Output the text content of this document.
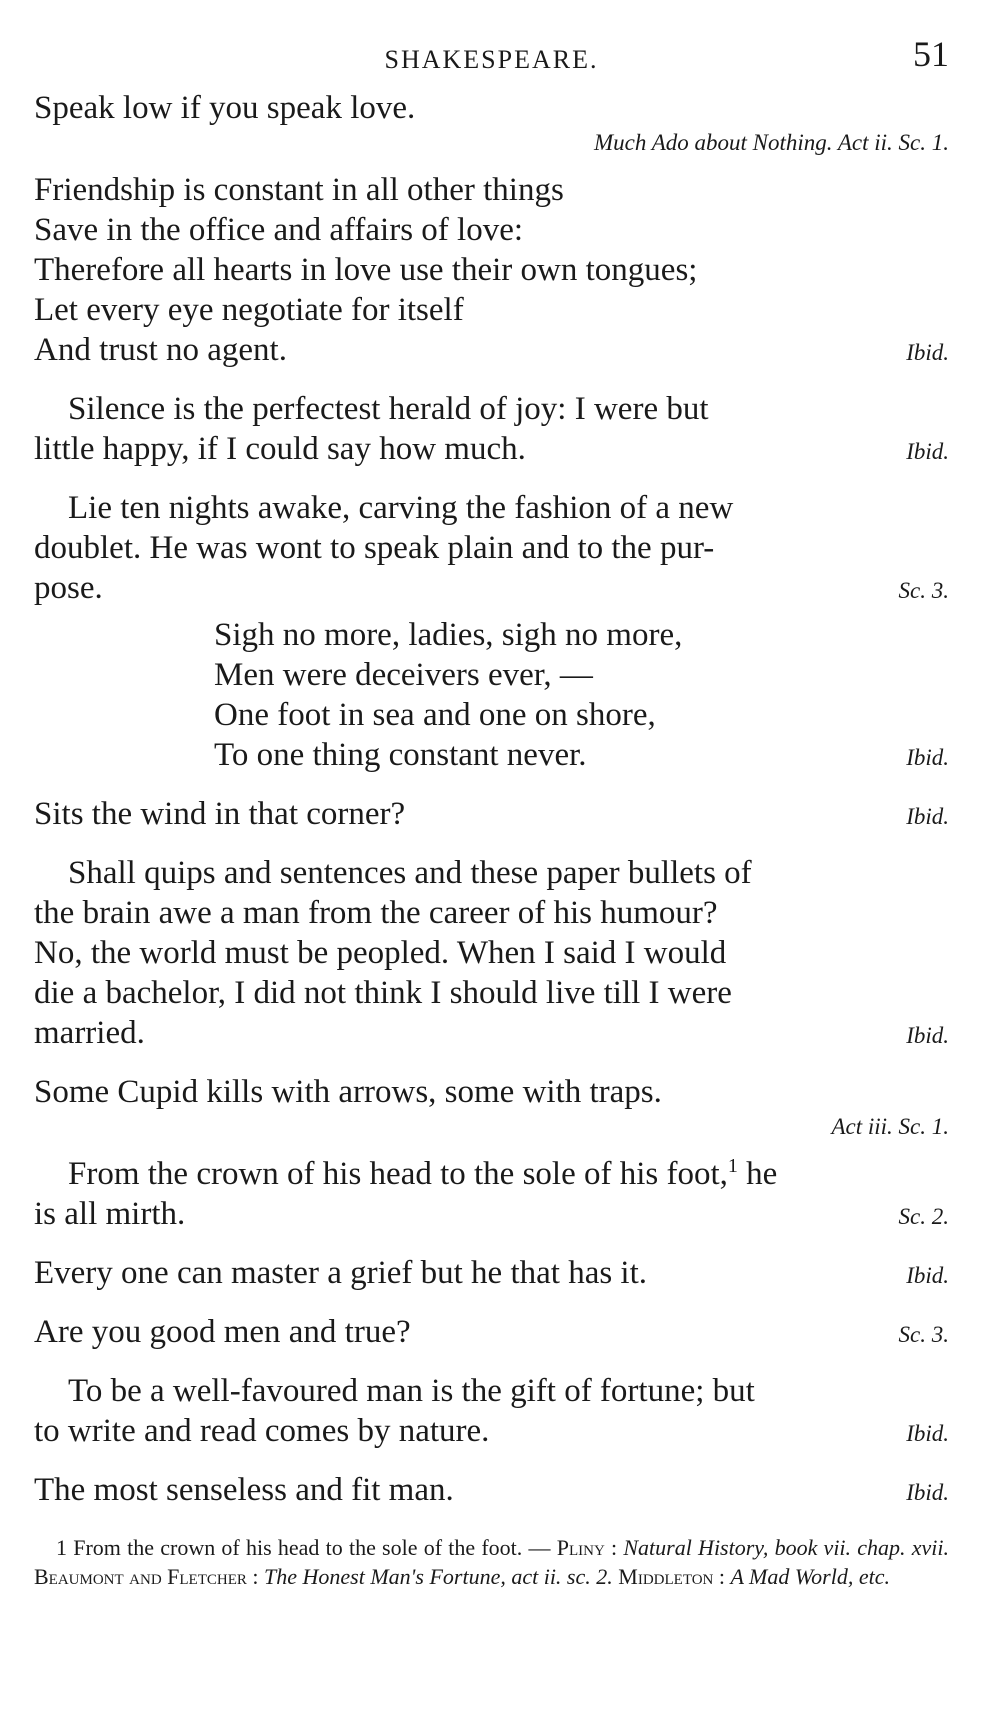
SHAKESPEARE.	51
Speak low if you speak love.
Much Ado about Nothing. Act ii. Sc. 1.
Friendship is constant in all other things
Save in the office and affairs of love:
Therefore all hearts in love use their own tongues;
Let every eye negotiate for itself
And trust no agent.	Ibid.
Silence is the perfectest herald of joy: I were but
little happy, if I could say how much.	Ibid.
Lie ten nights awake, carving the fashion of a new
doublet. He was wont to speak plain and to the pur-
pose.	Sc. 3.
Sigh no more, ladies, sigh no more,
Men were deceivers ever, —
One foot in sea and one on shore,
To one thing constant never.	Ibid.
Sits the wind in that corner?	Ibid.
Shall quips and sentences and these paper bullets of
the brain awe a man from the career of his humour?
No, the world must be peopled. When I said I would
die a bachelor, I did not think I should live till I were
married.	Ibid.
Some Cupid kills with arrows, some with traps.
Act iii. Sc. 1.
From the crown of his head to the sole of his foot,$^1$ he
is all mirth.	Sc. 2.
Every one can master a grief but he that has it.	Ibid.
Are you good men and true?	Sc. 3.
To be a well-favoured man is the gift of fortune; but
to write and read comes by nature.	Ibid.
The most senseless and fit man.	Ibid.
1 From the crown of his head to the sole of the foot. — Pliny : Natural History, book vii. chap. xvii. Beaumont and Fletcher : The Honest Man's Fortune, act ii. sc. 2. Middleton : A Mad World, etc.
